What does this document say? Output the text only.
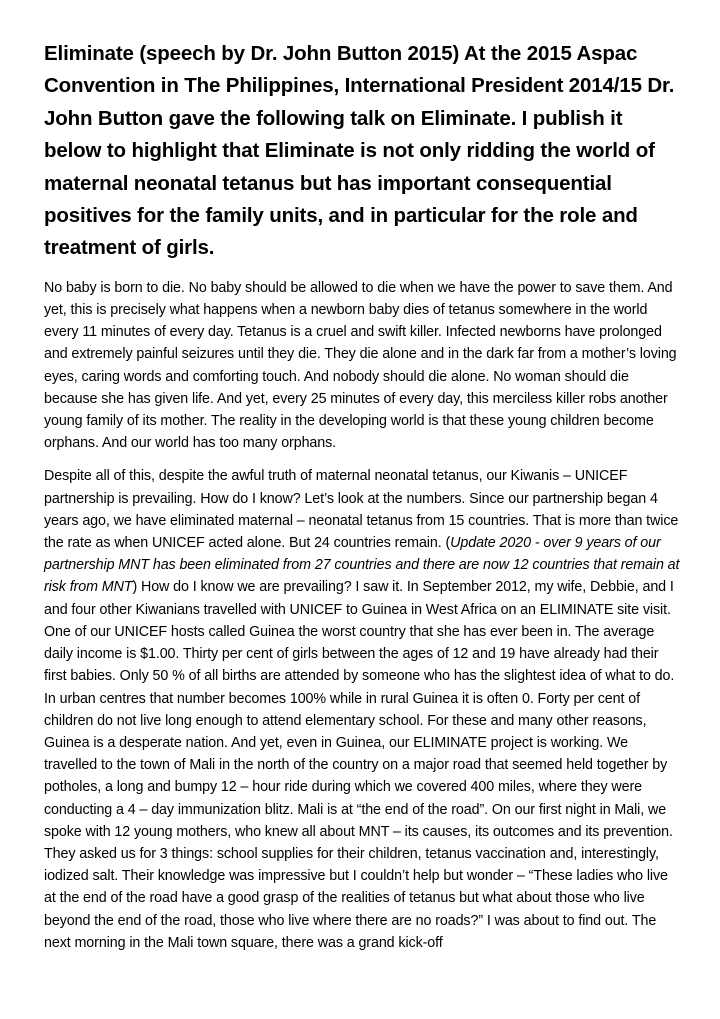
Eliminate (speech by Dr. John Button 2015) At the 2015 Aspac Convention in The Philippines, International President 2014/15 Dr. John Button gave the following talk on Eliminate. I publish it below to highlight that Eliminate is not only ridding the world of maternal neonatal tetanus but has important consequential positives for the family units, and in particular for the role and treatment of girls.

No baby is born to die. No baby should be allowed to die when we have the power to save them. And yet, this is precisely what happens when a newborn baby dies of tetanus somewhere in the world every 11 minutes of every day. Tetanus is a cruel and swift killer. Infected newborns have prolonged and extremely painful seizures until they die. They die alone and in the dark far from a mother’s loving eyes, caring words and comforting touch. And nobody should die alone. No woman should die because she has given life. And yet, every 25 minutes of every day, this merciless killer robs another young family of its mother. The reality in the developing world is that these young children become orphans. And our world has too many orphans.

Despite all of this, despite the awful truth of maternal neonatal tetanus, our Kiwanis – UNICEF partnership is prevailing. How do I know? Let’s look at the numbers. Since our partnership began 4 years ago, we have eliminated maternal – neonatal tetanus from 15 countries. That is more than twice the rate as when UNICEF acted alone. But 24 countries remain. (Update 2020 - over 9 years of our partnership MNT has been eliminated from 27 countries and there are now 12 countries that remain at risk from MNT) How do I know we are prevailing? I saw it. In September 2012, my wife, Debbie, and I and four other Kiwanians travelled with UNICEF to Guinea in West Africa on an ELIMINATE site visit. One of our UNICEF hosts called Guinea the worst country that she has ever been in. The average daily income is $1.00. Thirty per cent of girls between the ages of 12 and 19 have already had their first babies. Only 50 % of all births are attended by someone who has the slightest idea of what to do. In urban centres that number becomes 100% while in rural Guinea it is often 0. Forty per cent of children do not live long enough to attend elementary school. For these and many other reasons, Guinea is a desperate nation. And yet, even in Guinea, our ELIMINATE project is working. We travelled to the town of Mali in the north of the country on a major road that seemed held together by potholes, a long and bumpy 12 – hour ride during which we covered 400 miles, where they were conducting a 4 – day immunization blitz. Mali is at “the end of the road”. On our first night in Mali, we spoke with 12 young mothers, who knew all about MNT – its causes, its outcomes and its prevention. They asked us for 3 things: school supplies for their children, tetanus vaccination and, interestingly, iodized salt. Their knowledge was impressive but I couldn’t help but wonder – “These ladies who live at the end of the road have a good grasp of the realities of tetanus but what about those who live beyond the end of the road, those who live where there are no roads?” I was about to find out. The next morning in the Mali town square, there was a grand kick-off
